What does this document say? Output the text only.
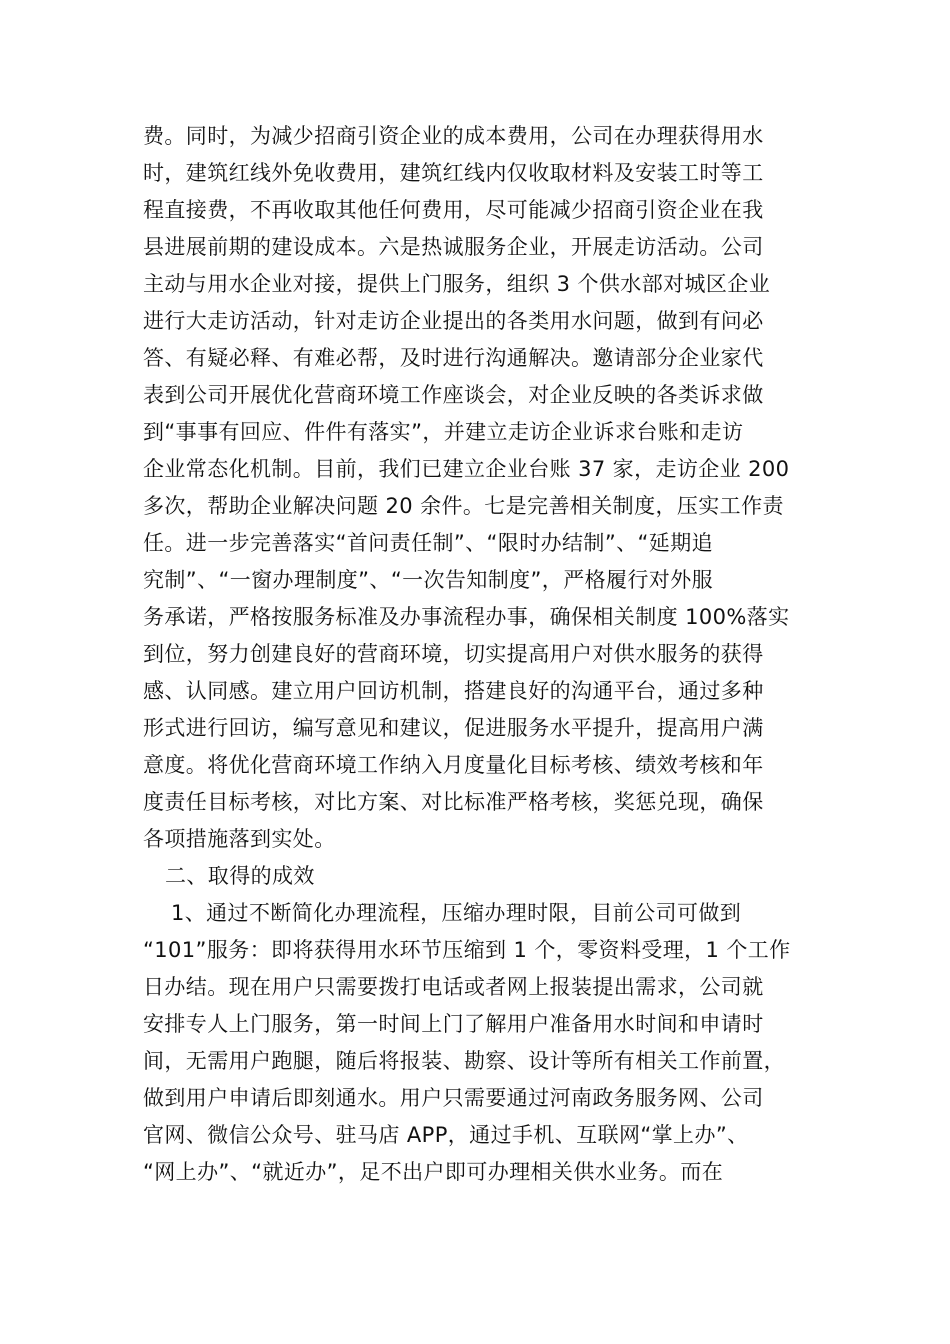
费。同时，为减少招商引资企业的成本费用，公司在办理获得用水
时，建筑红线外免收费用，建筑红线内仅收取材料及安装工时等工
程直接费，不再收取其他任何费用，尽可能减少招商引资企业在我
县进展前期的建设成本。六是热诚服务企业，开展走访活动。公司
主动与用水企业对接，提供上门服务，组织 3 个供水部对城区企业
进行大走访活动，针对走访企业提出的各类用水问题，做到有问必
答、有疑必释、有难必帮，及时进行沟通解决。邀请部分企业家代
表到公司开展优化营商环境工作座谈会，对企业反映的各类诉求做
到“事事有回应、件件有落实”，并建立走访企业诉求台账和走访
企业常态化机制。目前，我们已建立企业台账 37 家，走访企业 200
多次，帮助企业解决问题 20 余件。七是完善相关制度，压实工作责
任。进一步完善落实“首问责任制”、“限时办结制”、“延期追
究制”、“一窗办理制度”、“一次告知制度”，严格履行对外服
务承诺，严格按服务标准及办事流程办事，确保相关制度 100%落实
到位，努力创建良好的营商环境，切实提高用户对供水服务的获得
感、认同感。建立用户回访机制，搭建良好的沟通平台，通过多种
形式进行回访，编写意见和建议，促进服务水平提升，提高用户满
意度。将优化营商环境工作纳入月度量化目标考核、绩效考核和年
度责任目标考核，对比方案、对比标准严格考核，奖惩兑现，确保
各项措施落到实处。
二、取得的成效
1、通过不断简化办理流程，压缩办理时限，目前公司可做到
“101”服务：即将获得用水环节压缩到 1 个，零资料受理，1 个工作
日办结。现在用户只需要拨打电话或者网上报装提出需求，公司就
安排专人上门服务，第一时间上门了解用户准备用水时间和申请时
间，无需用户跑腿，随后将报装、勘察、设计等所有相关工作前置，
做到用户申请后即刻通水。用户只需要通过河南政务服务网、公司
官网、微信公众号、驻马店 APP，通过手机、互联网“掌上办”、
“网上办”、“就近办”，足不出户即可办理相关供水业务。而在
